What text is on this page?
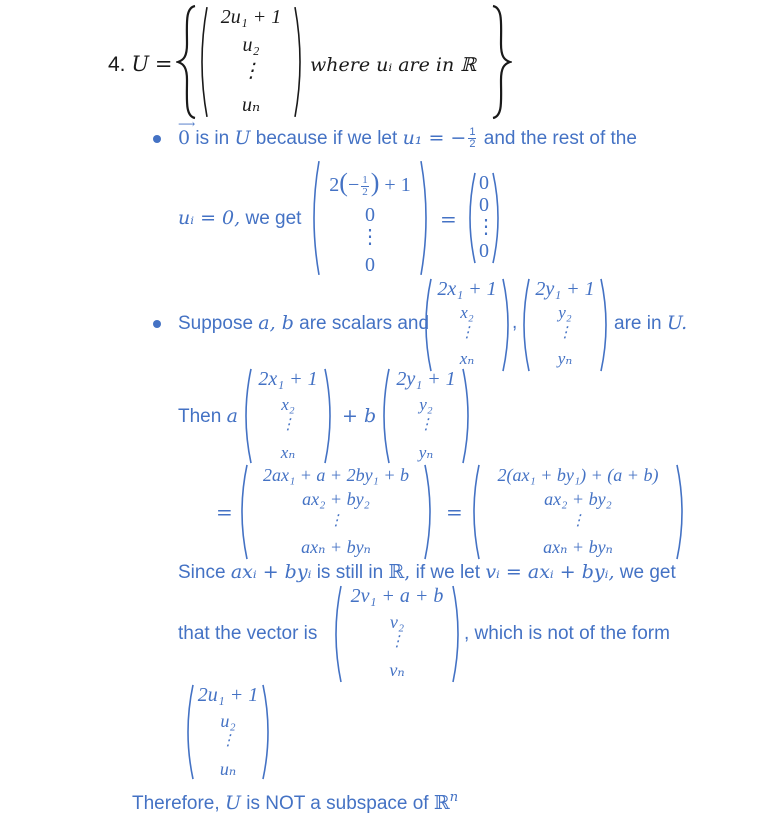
4. U =
2u₁ + 1
u₂
⋮
uₙ
where uᵢ are in ℝ
⟶
0 is in U because if we let u₁ = − $\frac{1}{2}$ and the rest of the
uᵢ = 0, we get
$2(- \frac{1}{2}$ ) + 1
0
⋮
0
=
0
0
⋮
0
Suppose a, b are scalars and
2x₁ + 1
x₂
⋮
xₙ
,
2y₁ + 1
y₂
⋮
yₙ
are in U.
Then a
2x₁ + 1
x₂
⋮
xₙ
+ b
2y₁ + 1
y₂
⋮
yₙ
=
2ax₁ + a + 2by₁ + b
ax₂ + by₂
⋮
axₙ + byₙ
=
2(ax₁ + by₁) + (a + b)
ax₂ + by₂
⋮
axₙ + byₙ
Since axᵢ + byᵢ is still in ℝ, if we let vᵢ = axᵢ + byᵢ, we get
that the vector is
2v₁ + a + b
v₂
⋮
vₙ
, which is not of the form
2u₁ + 1
u₂
⋮
uₙ
Therefore, U is NOT a subspace of ℝ$^n$
